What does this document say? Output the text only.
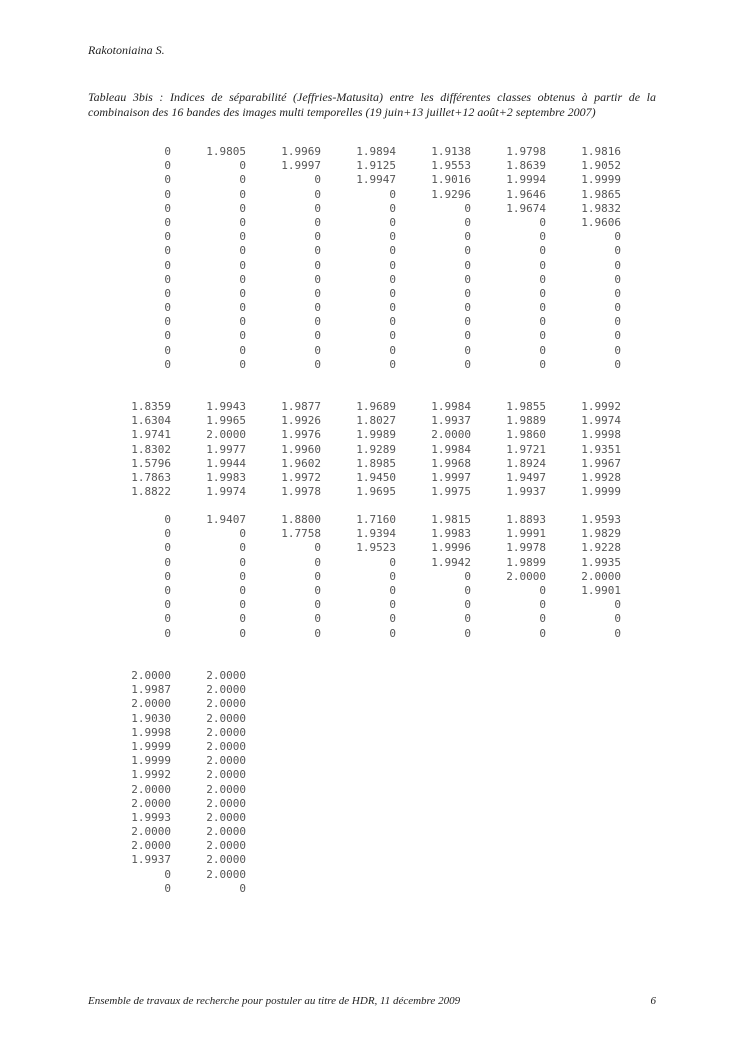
Rakotoniaina S.
Tableau 3bis : Indices de séparabilité (Jeffries-Matusita) entre les différentes classes obtenus à partir de la combinaison des 16 bandes des images multi temporelles (19 juin+13 juillet+12 août+2 septembre 2007)
0	1.9805	1.9969	1.9894	1.9138	1.9798	1.9816
0	0	1.9997	1.9125	1.9553	1.8639	1.9052
0	0	0	1.9947	1.9016	1.9994	1.9999
0	0	0	0	1.9296	1.9646	1.9865
0	0	0	0	0	1.9674	1.9832
0	0	0	0	0	0	1.9606
0	0	0	0	0	0	0
0	0	0	0	0	0	0
0	0	0	0	0	0	0
0	0	0	0	0	0	0
0	0	0	0	0	0	0
0	0	0	0	0	0	0
0	0	0	0	0	0	0
0	0	0	0	0	0	0
0	0	0	0	0	0	0
0	0	0	0	0	0	0
1.8359	1.9943	1.9877	1.9689	1.9984	1.9855	1.9992
1.6304	1.9965	1.9926	1.8027	1.9937	1.9889	1.9974
1.9741	2.0000	1.9976	1.9989	2.0000	1.9860	1.9998
1.8302	1.9977	1.9960	1.9289	1.9984	1.9721	1.9351
1.5796	1.9944	1.9602	1.8985	1.9968	1.8924	1.9967
1.7863	1.9983	1.9972	1.9450	1.9997	1.9497	1.9928
1.8822	1.9974	1.9978	1.9695	1.9975	1.9937	1.9999
0	1.9407	1.8800	1.7160	1.9815	1.8893	1.9593
0	0	1.7758	1.9394	1.9983	1.9991	1.9829
0	0	0	1.9523	1.9996	1.9978	1.9228
0	0	0	0	1.9942	1.9899	1.9935
0	0	0	0	0	2.0000	2.0000
0	0	0	0	0	0	1.9901
0	0	0	0	0	0	0
0	0	0	0	0	0	0
0	0	0	0	0	0	0
2.0000	2.0000
1.9987	2.0000
2.0000	2.0000
1.9030	2.0000
1.9998	2.0000
1.9999	2.0000
1.9999	2.0000
1.9992	2.0000
2.0000	2.0000
2.0000	2.0000
1.9993	2.0000
2.0000	2.0000
2.0000	2.0000
1.9937	2.0000
0	2.0000
0	0
Ensemble de travaux de recherche pour postuler au titre de HDR, 11 décembre 2009	6
